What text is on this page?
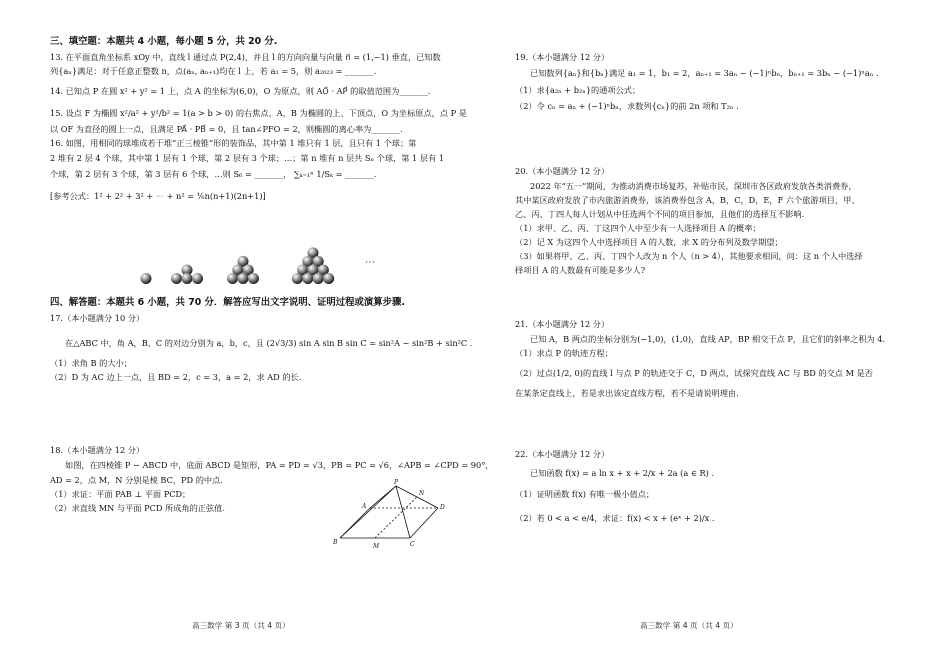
三、填空题：本题共 4 小题，每小题 5 分，共 20 分.
13. 在平面直角坐标系 xOy 中，直线 l 通过点 P(2,4)，并且 l 的方向向量与向量 n⃗ = (1,−1) 垂直，已知数
列{aₙ}满足：对于任意正整数 n，点(aₙ, aₙ₊₁)均在 l 上，若 a₁ = 5，则 a₂₀₂₃ = _______.
14. 已知点 P 在圆 x² + y² = 1 上，点 A 的坐标为(6,0)，O 为原点，则 AO⃗ · AP⃗ 的取值范围为_______.
15. 设点 F 为椭圆 x²/a² + y²/b² = 1(a > b > 0) 的右焦点，A，B 为椭圆的上、下顶点，O 为坐标原点，点 P 是
以 OF 为直径的圆上一点，且满足 PA⃗ · PB⃗ = 0，且 tan∠PFO = 2，则椭圆的离心率为_______.
16. 如图，用相同的球堆成若干堆“正三棱锥”形的装饰品，其中第 1 堆只有 1 层，且只有 1 个球；第
2 堆有 2 层 4 个球，其中第 1 层有 1 个球，第 2 层有 3 个球；…；第 n 堆有 n 层共 Sₙ 个球，第 1 层有 1
个球，第 2 层有 3 个球，第 3 层有 6 个球，…则 S₆ = _______， ∑ₖ₌₁ⁿ 1/Sₖ = _______.
[参考公式：1² + 2² + 3² + ⋯ + n² = ⅙n(n+1)(2n+1)]
四、解答题：本题共 6 小题，共 70 分．解答应写出文字说明、证明过程或演算步骤.
17.（本小题满分 10 分）
在△ABC 中，角 A，B，C 的对边分别为 a，b，c，且 (2√3/3) sin A sin B sin C = sin²A − sin²B + sin²C .
（1）求角 B 的大小；
（2）D 为 AC 边上一点，且 BD = 2，c = 3，a = 2，求 AD 的长.
18.（本小题满分 12 分）
如图，在四棱锥 P − ABCD 中，底面 ABCD 是矩形，PA = PD = √3，PB = PC = √6，∠APB = ∠CPD = 90°，
AD = 2，点 M，N 分别是棱 BC，PD 的中点.
（1）求证：平面 PAB ⊥ 平面 PCD；
（2）求直线 MN 与平面 PCD 所成角的正弦值.
⋯
P
A
B	C
D
M
N
高三数学 第 3 页（共 4 页）
19.（本小题满分 12 分）
已知数列{aₙ}和{bₙ}满足 a₁ = 1，b₁ = 2，aₙ₊₁ = 3aₙ − (−1)ⁿbₙ，bₙ₊₁ = 3bₙ − (−1)ⁿaₙ .
（1）求{a₂ₙ + b₂ₙ}的通项公式；
（2）令 cₙ = aₙ + (−1)ⁿbₙ，求数列{cₙ}的前 2n 项和 T₂ₙ .
20.（本小题满分 12 分）
2022 年“五一”期间，为推动消费市场复苏，补贴市民，深圳市各区政府发放各类消费券，
其中某区政府发放了市内旅游消费券，该消费券包含 A，B，C，D，E，F 六个旅游项目，甲、
乙、丙、丁四人每人计划从中任选两个不同的项目参加，且他们的选择互不影响.
（1）求甲、乙、丙、丁这四个人中至少有一人选择项目 A 的概率；
（2）记 X 为这四个人中选择项目 A 的人数，求 X 的分布列及数学期望；
（3）如果将甲、乙、丙、丁四个人改为 n 个人（n > 4），其他要求相同，问：这 n 个人中选择
择项目 A 的人数最有可能是多少人?
21.（本小题满分 12 分）
已知 A，B 两点的坐标分别为(−1,0)，(1,0)，直线 AP，BP 相交于点 P，且它们的斜率之积为 4.
（1）求点 P 的轨迹方程；
（2）过点(1/2, 0)的直线 l 与点 P 的轨迹交于 C，D 两点，试探究直线 AC 与 BD 的交点 M 是否
在某条定直线上，若是求出该定直线方程，若不是请说明理由.
22.（本小题满分 12 分）
已知函数 f(x) = a ln x + x + 2/x + 2a (a ∈ R) .
（1）证明函数 f(x) 有唯一极小值点；
（2）若 0 < a < e/4，求证：f(x) < x + (eˣ + 2)/x .
高三数学 第 4 页（共 4 页）
